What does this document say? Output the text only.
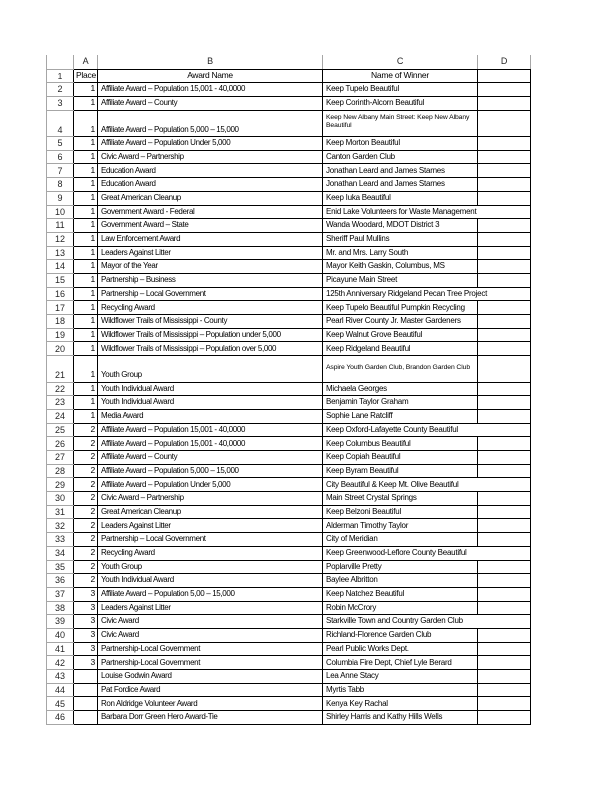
	A	B	C	D
1	Place	Award Name	Name of Winner	
2	1	Affiliate Award – Population 15,001 - 40,0000	Keep Tupelo Beautiful	
3	1	Affiliate Award – County	Keep Corinth-Alcorn Beautiful	
4	1	Affiliate Award – Population 5,000 – 15,000	Keep New Albany Main Street: Keep New Albany Beautiful	
5	1	Affiliate Award – Population Under 5,000	Keep Morton Beautiful	
6	1	Civic Award – Partnership	Canton Garden Club	
7	1	Education Award	Jonathan Leard and James Starnes	
8	1	Education Award	Jonathan Leard and James Starnes	
9	1	Great American Cleanup	Keep Iuka Beautiful	
10	1	Government Award - Federal	Enid Lake Volunteers for Waste Management	
11	1	Government Award – State	Wanda Woodard, MDOT District 3	
12	1	Law Enforcement Award	Sheriff Paul Mullins	
13	1	Leaders Against Litter	Mr. and Mrs. Larry South	
14	1	Mayor of the Year	Mayor Keith Gaskin, Columbus, MS	
15	1	Partnership – Business	Picayune Main Street	
16	1	Partnership – Local Government	125th Anniversary Ridgeland Pecan Tree Project	
17	1	Recycling Award	Keep Tupelo Beautiful Pumpkin Recycling	
18	1	Wildflower Trails of Mississippi - County	Pearl River County Jr. Master Gardeners	
19	1	Wildflower Trails of Mississippi – Population under 5,000	Keep Walnut Grove Beautiful	
20	1	Wildflower Trails of Mississippi – Population over 5,000	Keep Ridgeland Beautiful	
21	1	Youth Group	Aspire Youth Garden Club, Brandon Garden Club	
22	1	Youth Individual Award	Michaela Georges	
23	1	Youth Individual Award	Benjamin Taylor Graham	
24	1	Media Award	Sophie Lane Ratcliff	
25	2	Affiliate Award – Population 15,001 - 40,0000	Keep Oxford-Lafayette County Beautiful	
26	2	Affiliate Award – Population 15,001 - 40,0000	Keep Columbus Beautiful	
27	2	Affiliate Award – County	Keep Copiah Beautiful	
28	2	Affiliate Award – Population 5,000 – 15,000	Keep Byram Beautiful	
29	2	Affiliate Award – Population Under 5,000	City Beautiful & Keep Mt. Olive Beautiful	
30	2	Civic Award – Partnership	Main Street Crystal Springs	
31	2	Great American Cleanup	Keep Belzoni Beautiful	
32	2	Leaders Against Litter	Alderman Timothy Taylor	
33	2	Partnership – Local Government	City of Meridian	
34	2	Recycling Award	Keep Greenwood-Leflore County Beautiful	
35	2	Youth Group	Poplarville Pretty	
36	2	Youth Individual Award	Baylee Albritton	
37	3	Affiliate Award – Population 5,00 – 15,000	Keep Natchez Beautiful	
38	3	Leaders Against Litter	Robin McCrory	
39	3	Civic Award	Starkville Town and Country Garden Club	
40	3	Civic Award	Richland-Florence Garden Club	
41	3	Partnership-Local Government	Pearl Public Works Dept.	
42	3	Partnership-Local Government	Columbia Fire Dept, Chief Lyle Berard	
43		Louise Godwin Award	Lea Anne Stacy	
44		Pat Fordice Award	Myrtis Tabb	
45		Ron Aldridge Volunteer Award	Kenya Key Rachal	
46		Barbara Dorr Green Hero Award-Tie	Shirley Harris and Kathy Hills Wells	
